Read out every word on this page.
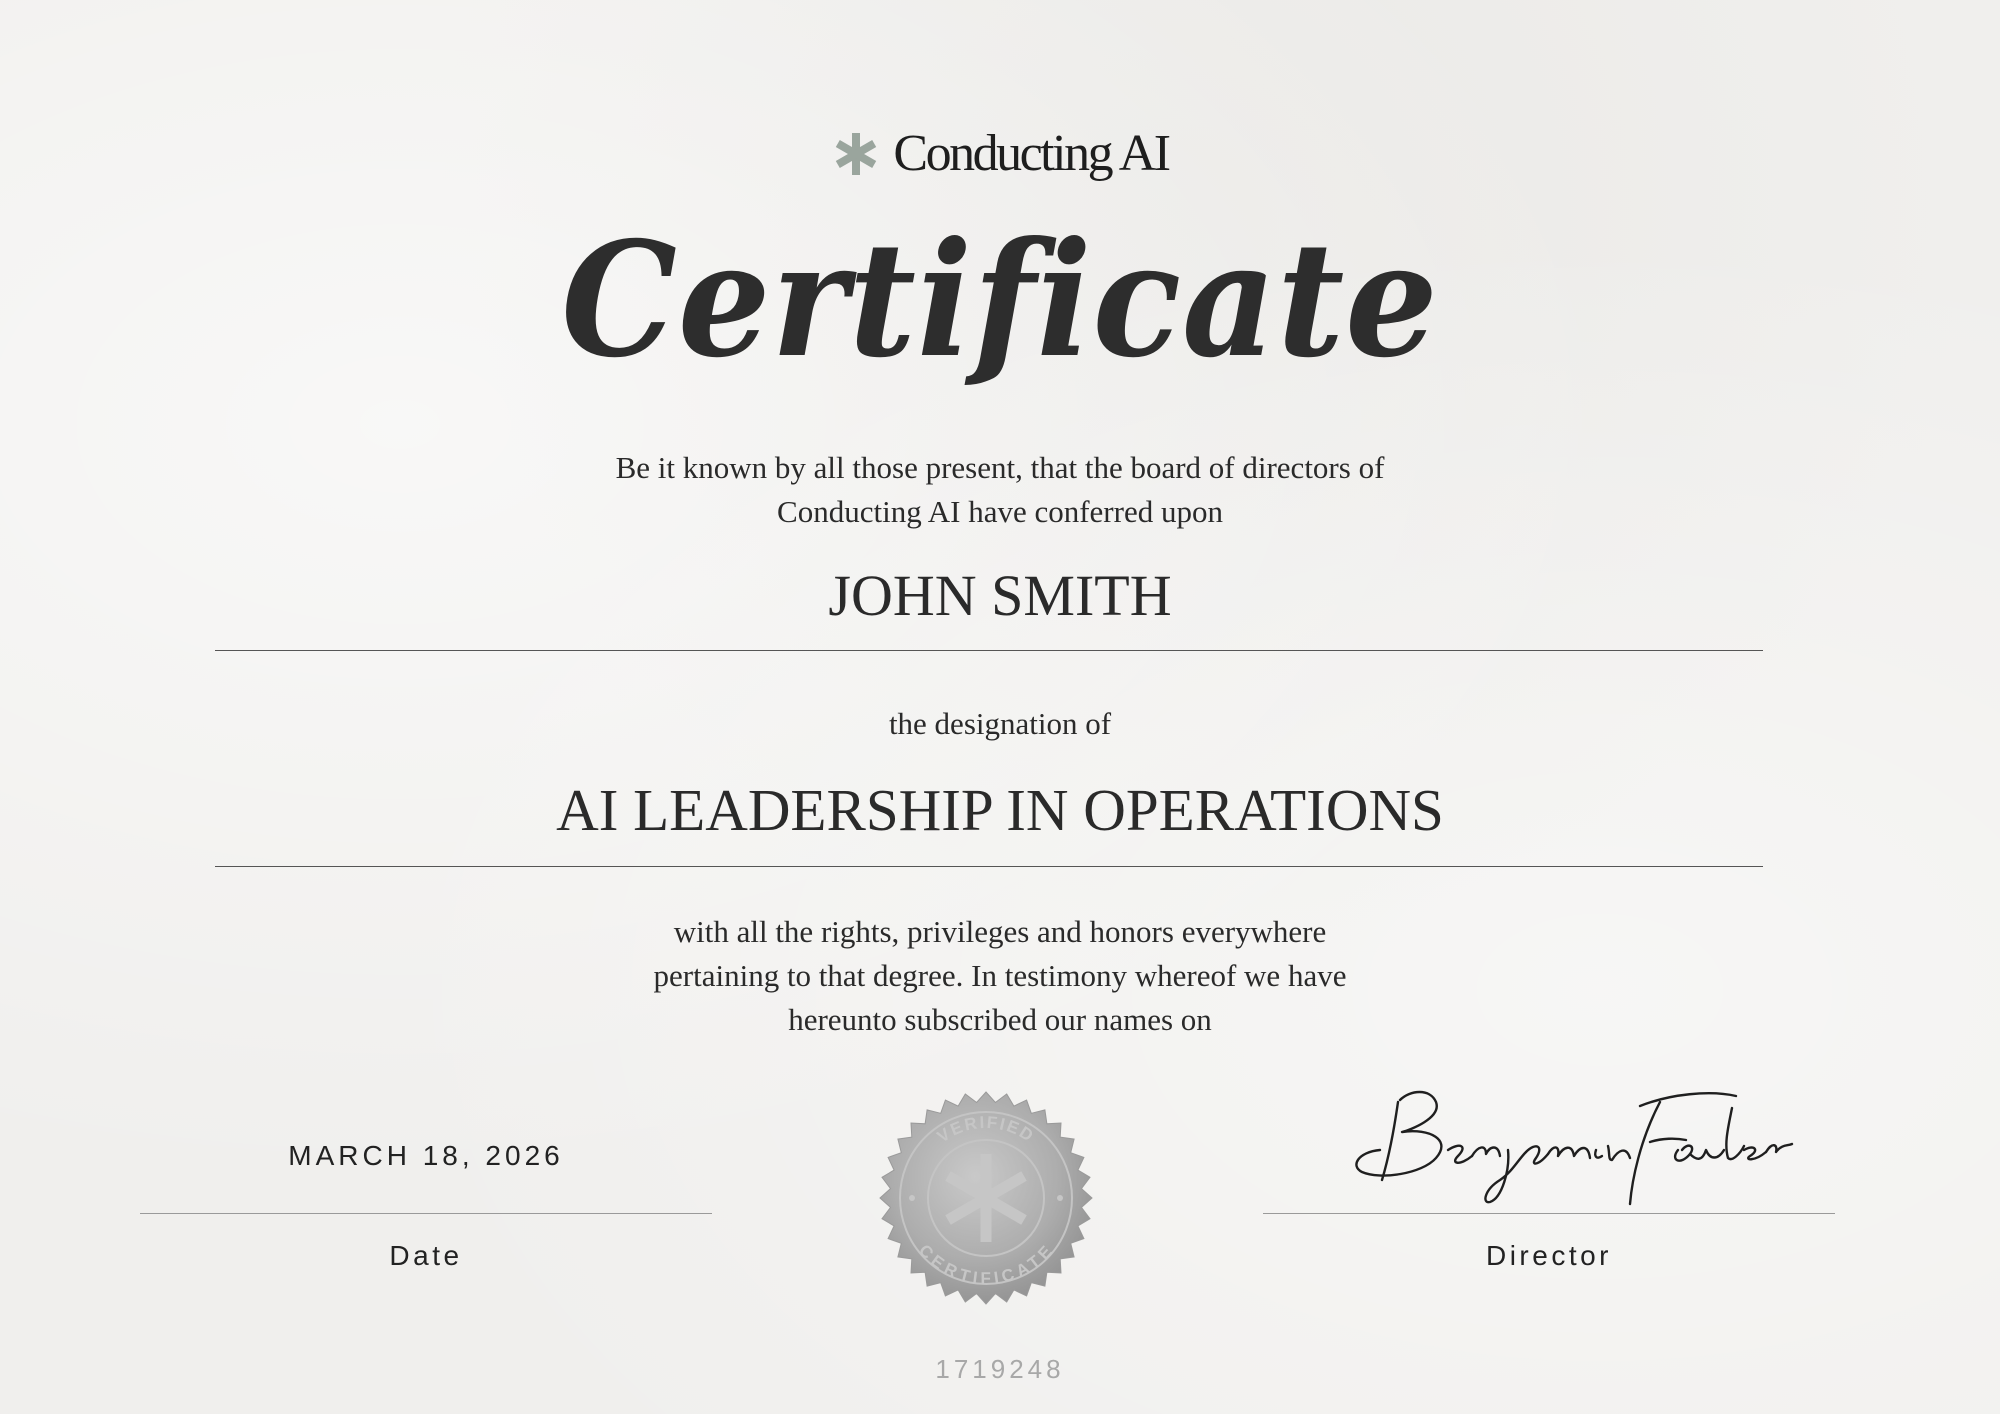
Conducting AI
Certificate
Be it known by all those present, that the board of directors of
Conducting AI have conferred upon
JOHN SMITH
the designation of
AI LEADERSHIP IN OPERATIONS
with all the rights, privileges and honors everywhere
pertaining to that degree. In testimony whereof we have
hereunto subscribed our names on
MARCH 18, 2026
Date
VERIFIED
CERTIFICATE	Director
1719248
